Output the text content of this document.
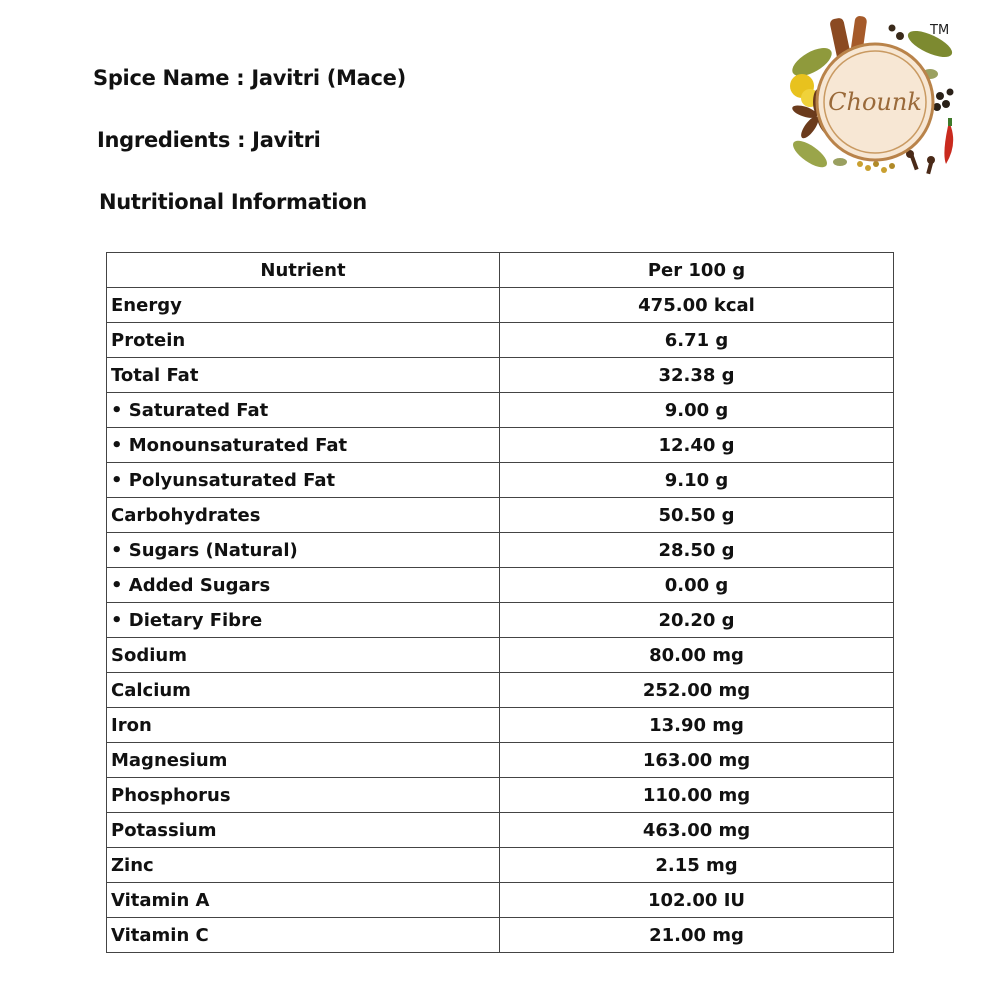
Spice Name : Javitri (Mace)
Ingredients : Javitri
Nutritional Information
Chounk
TM
Nutrient	Per 100 g
Energy	475.00 kcal
Protein	6.71 g
Total Fat	32.38 g
• Saturated Fat	9.00 g
• Monounsaturated Fat	12.40 g
• Polyunsaturated Fat	9.10 g
Carbohydrates	50.50 g
• Sugars (Natural)	28.50 g
• Added Sugars	0.00 g
• Dietary Fibre	20.20 g
Sodium	80.00 mg
Calcium	252.00 mg
Iron	13.90 mg
Magnesium	163.00 mg
Phosphorus	110.00 mg
Potassium	463.00 mg
Zinc	2.15 mg
Vitamin A	102.00 IU
Vitamin C	21.00 mg
